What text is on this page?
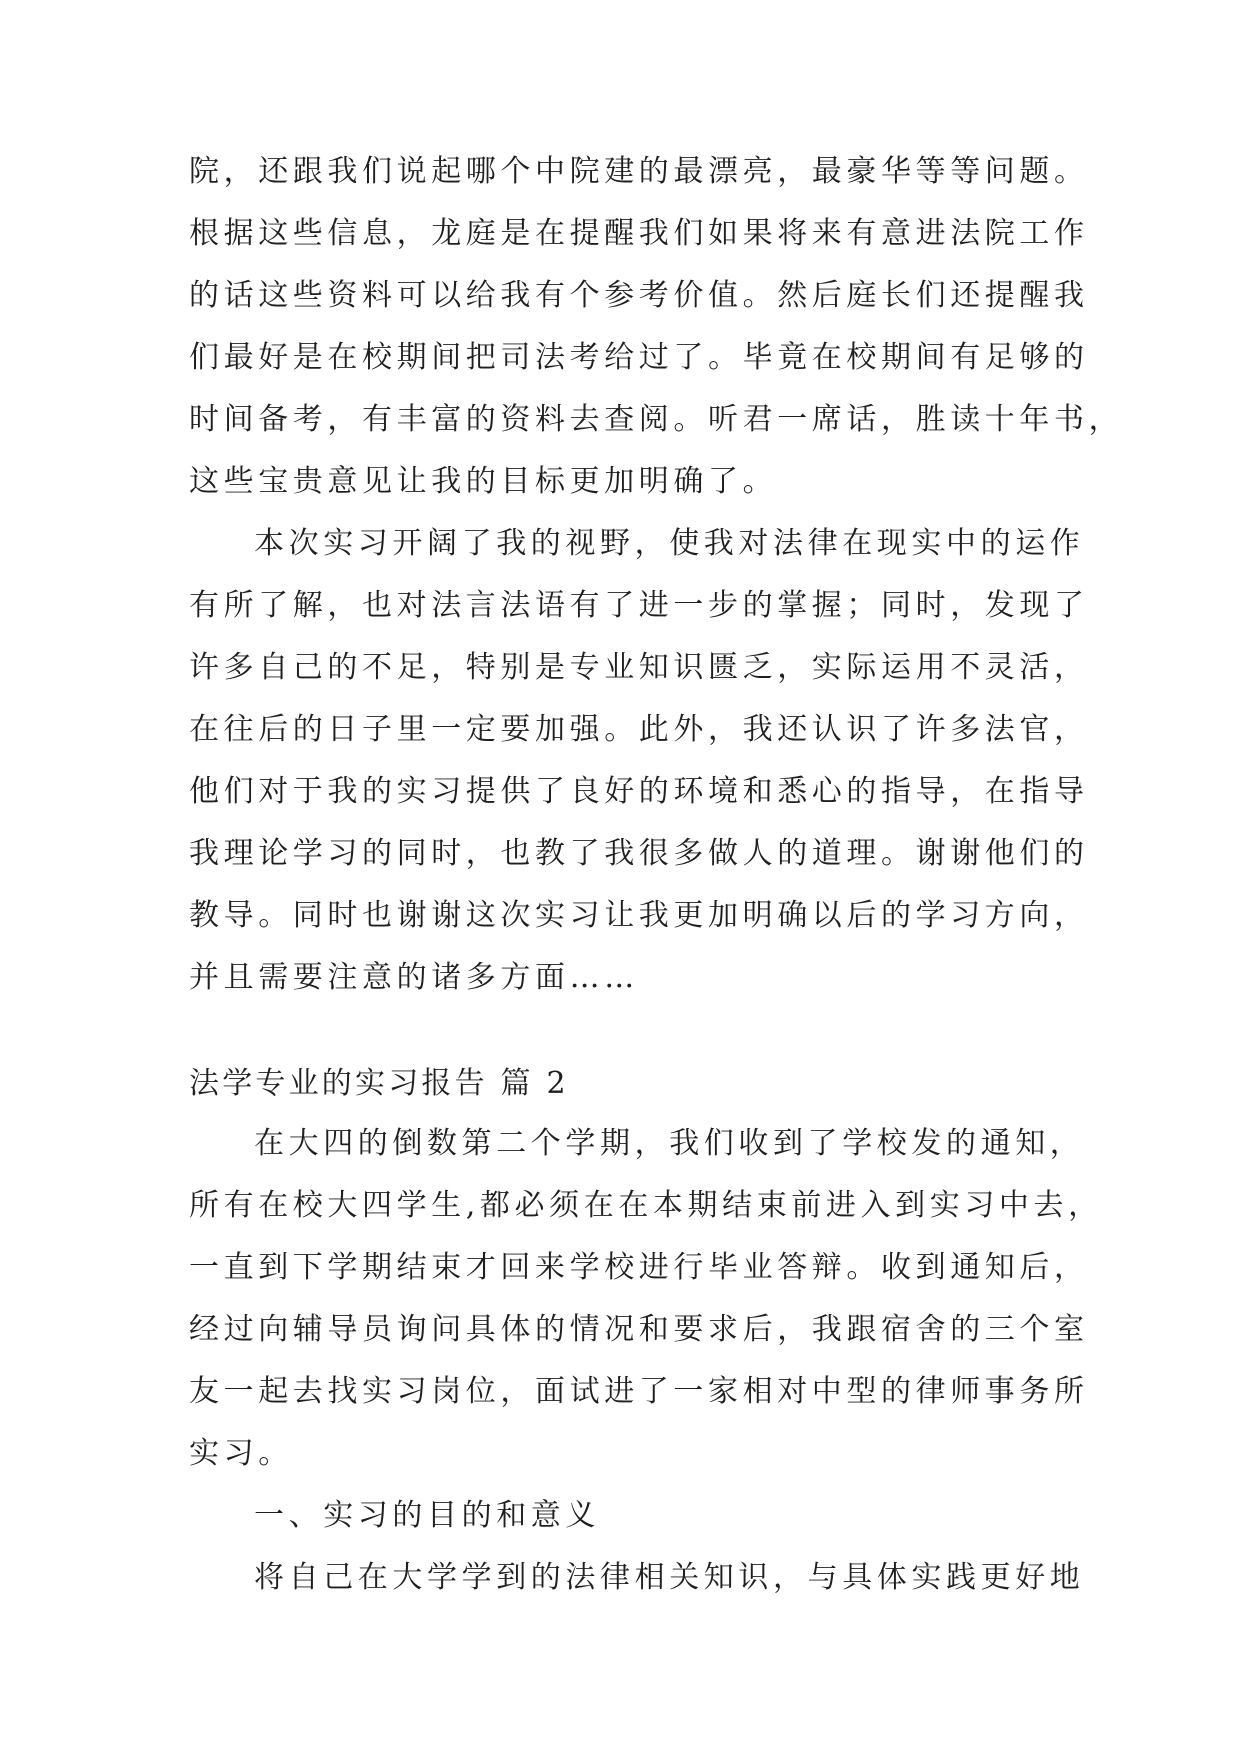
院，还跟我们说起哪个中院建的最漂亮，最豪华等等问题。

根据这些信息，龙庭是在提醒我们如果将来有意进法院工作

的话这些资料可以给我有个参考价值。然后庭长们还提醒我

们最好是在校期间把司法考给过了。毕竟在校期间有足够的

时间备考，有丰富的资料去查阅。听君一席话，胜读十年书，

这些宝贵意见让我的目标更加明确了。

本次实习开阔了我的视野，使我对法律在现实中的运作

有所了解，也对法言法语有了进一步的掌握；同时，发现了

许多自己的不足，特别是专业知识匮乏，实际运用不灵活，

在往后的日子里一定要加强。此外，我还认识了许多法官，

他们对于我的实习提供了良好的环境和悉心的指导，在指导

我理论学习的同时，也教了我很多做人的道理。谢谢他们的

教导。同时也谢谢这次实习让我更加明确以后的学习方向，

并且需要注意的诸多方面……

法学专业的实习报告 篇 2

在大四的倒数第二个学期，我们收到了学校发的通知，

所有在校大四学生,都必须在在本期结束前进入到实习中去，

一直到下学期结束才回来学校进行毕业答辩。收到通知后，

经过向辅导员询问具体的情况和要求后，我跟宿舍的三个室

友一起去找实习岗位，面试进了一家相对中型的律师事务所

实习。

一、实习的目的和意义

将自己在大学学到的法律相关知识，与具体实践更好地
